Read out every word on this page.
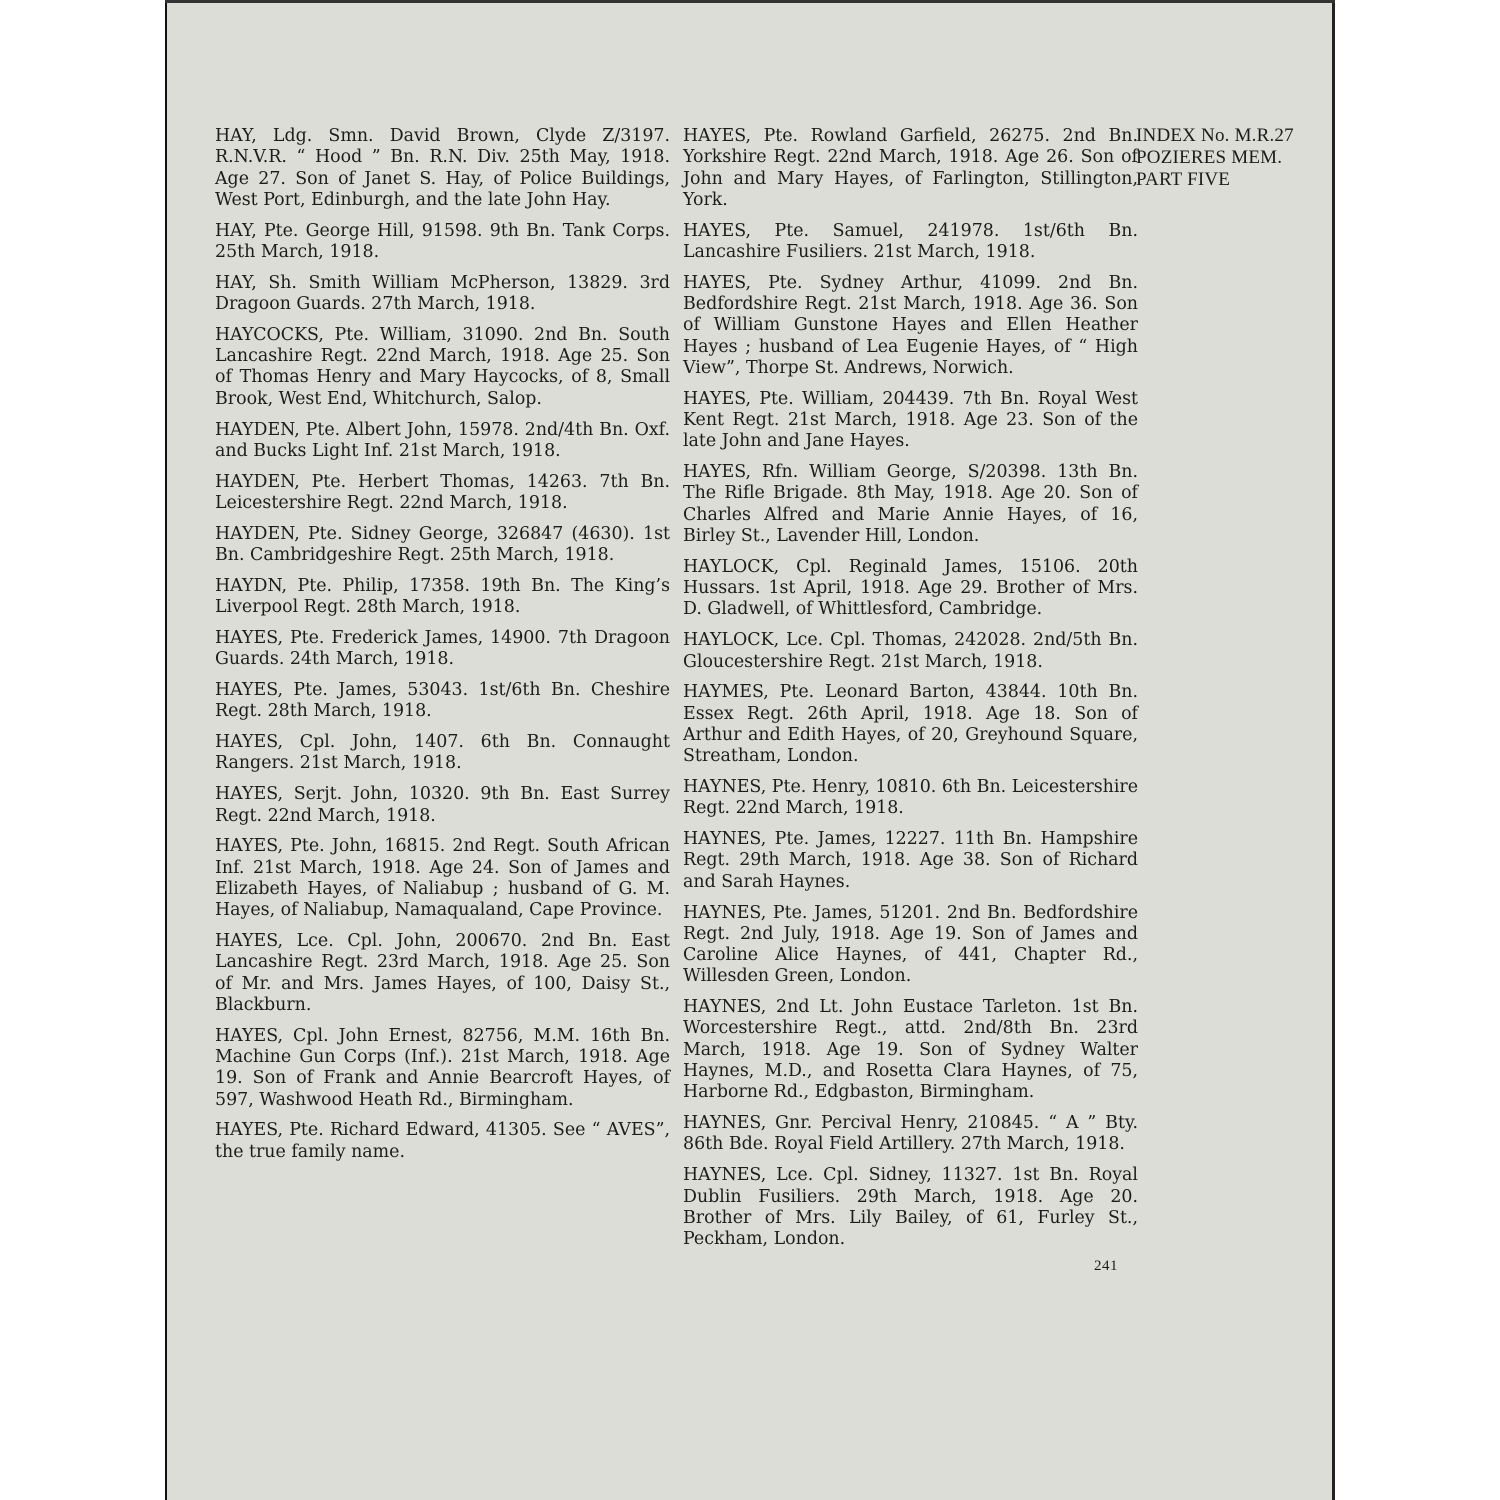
HAY, Ldg. Smn. David Brown, Clyde Z/3197. R.N.V.R. “ Hood ” Bn. R.N. Div. 25th May, 1918. Age 27. Son of Janet S. Hay, of Police Buildings, West Port, Edinburgh, and the late John Hay.

HAY, Pte. George Hill, 91598. 9th Bn. Tank Corps. 25th March, 1918.

HAY, Sh. Smith William McPherson, 13829. 3rd Dragoon Guards. 27th March, 1918.

HAYCOCKS, Pte. William, 31090. 2nd Bn. South Lancashire Regt. 22nd March, 1918. Age 25. Son of Thomas Henry and Mary Haycocks, of 8, Small Brook, West End, Whitchurch, Salop.

HAYDEN, Pte. Albert John, 15978. 2nd/4th Bn. Oxf. and Bucks Light Inf. 21st March, 1918.

HAYDEN, Pte. Herbert Thomas, 14263. 7th Bn. Leicestershire Regt. 22nd March, 1918.

HAYDEN, Pte. Sidney George, 326847 (4630). 1st Bn. Cambridgeshire Regt. 25th March, 1918.

HAYDN, Pte. Philip, 17358. 19th Bn. The King’s Liverpool Regt. 28th March, 1918.

HAYES, Pte. Frederick James, 14900. 7th Dragoon Guards. 24th March, 1918.

HAYES, Pte. James, 53043. 1st/6th Bn. Cheshire Regt. 28th March, 1918.

HAYES, Cpl. John, 1407. 6th Bn. Connaught Rangers. 21st March, 1918.

HAYES, Serjt. John, 10320. 9th Bn. East Surrey Regt. 22nd March, 1918.

HAYES, Pte. John, 16815. 2nd Regt. South African Inf. 21st March, 1918. Age 24. Son of James and Elizabeth Hayes, of Naliabup ; husband of G. M. Hayes, of Naliabup, Namaqualand, Cape Province.

HAYES, Lce. Cpl. John, 200670. 2nd Bn. East Lancashire Regt. 23rd March, 1918. Age 25. Son of Mr. and Mrs. James Hayes, of 100, Daisy St., Blackburn.

HAYES, Cpl. John Ernest, 82756, M.M. 16th Bn. Machine Gun Corps (Inf.). 21st March, 1918. Age 19. Son of Frank and Annie Bearcroft Hayes, of 597, Washwood Heath Rd., Birmingham.

HAYES, Pte. Richard Edward, 41305. See “ AVES”, the true family name.

HAYES, Pte. Rowland Garfield, 26275. 2nd Bn. Yorkshire Regt. 22nd March, 1918. Age 26. Son of John and Mary Hayes, of Farlington, Stillington, York.

HAYES, Pte. Samuel, 241978. 1st/6th Bn. Lancashire Fusiliers. 21st March, 1918.

HAYES, Pte. Sydney Arthur, 41099. 2nd Bn. Bedfordshire Regt. 21st March, 1918. Age 36. Son of William Gunstone Hayes and Ellen Heather Hayes ; husband of Lea Eugenie Hayes, of “ High View”, Thorpe St. Andrews, Norwich.

HAYES, Pte. William, 204439. 7th Bn. Royal West Kent Regt. 21st March, 1918. Age 23. Son of the late John and Jane Hayes.

HAYES, Rfn. William George, S/20398. 13th Bn. The Rifle Brigade. 8th May, 1918. Age 20. Son of Charles Alfred and Marie Annie Hayes, of 16, Birley St., Lavender Hill, London.

HAYLOCK, Cpl. Reginald James, 15106. 20th Hussars. 1st April, 1918. Age 29. Brother of Mrs. D. Gladwell, of Whittlesford, Cambridge.

HAYLOCK, Lce. Cpl. Thomas, 242028. 2nd/5th Bn. Gloucestershire Regt. 21st March, 1918.

HAYMES, Pte. Leonard Barton, 43844. 10th Bn. Essex Regt. 26th April, 1918. Age 18. Son of Arthur and Edith Hayes, of 20, Greyhound Square, Streatham, London.

HAYNES, Pte. Henry, 10810. 6th Bn. Leicestershire Regt. 22nd March, 1918.

HAYNES, Pte. James, 12227. 11th Bn. Hampshire Regt. 29th March, 1918. Age 38. Son of Richard and Sarah Haynes.

HAYNES, Pte. James, 51201. 2nd Bn. Bedfordshire Regt. 2nd July, 1918. Age 19. Son of James and Caroline Alice Haynes, of 441, Chapter Rd., Willesden Green, London.

HAYNES, 2nd Lt. John Eustace Tarleton. 1st Bn. Worcestershire Regt., attd. 2nd/8th Bn. 23rd March, 1918. Age 19. Son of Sydney Walter Haynes, M.D., and Rosetta Clara Haynes, of 75, Harborne Rd., Edgbaston, Birmingham.

HAYNES, Gnr. Percival Henry, 210845. “ A ” Bty. 86th Bde. Royal Field Artillery. 27th March, 1918.

HAYNES, Lce. Cpl. Sidney, 11327. 1st Bn. Royal Dublin Fusiliers. 29th March, 1918. Age 20. Brother of Mrs. Lily Bailey, of 61, Furley St., Peckham, London.

INDEX No. M.R.27
POZIERES MEM.
PART FIVE
241
